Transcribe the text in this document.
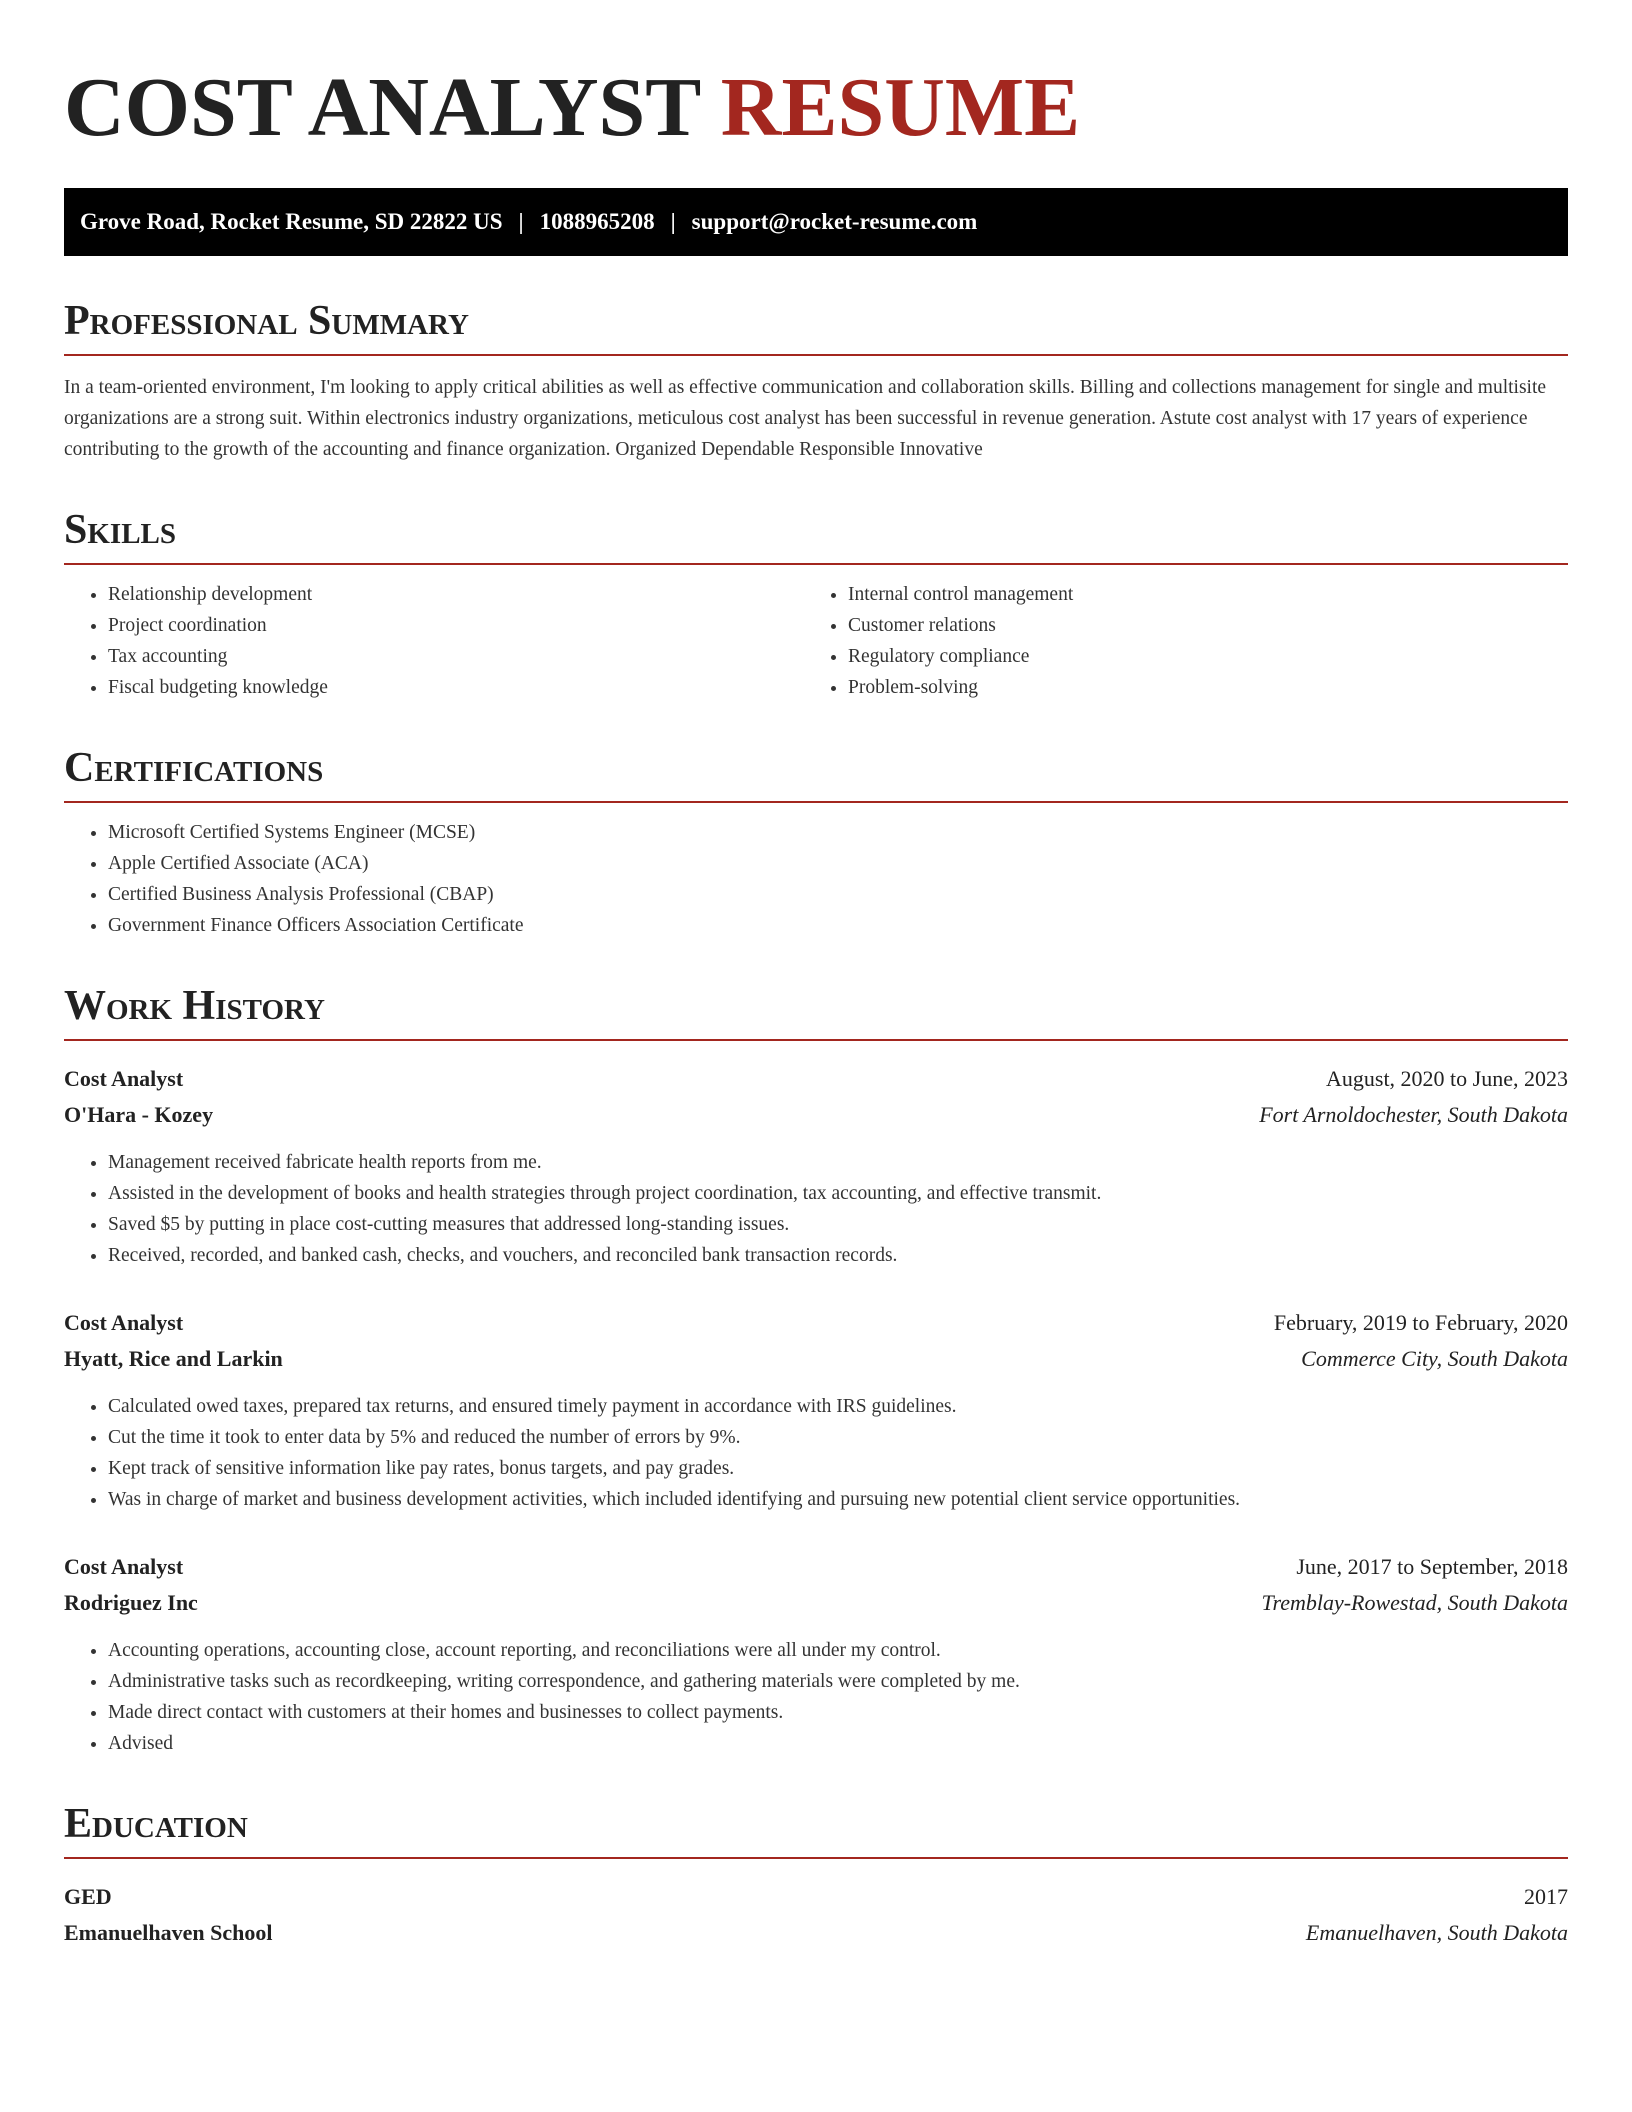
COST ANALYST RESUME
Grove Road, Rocket Resume, SD 22822 US | 1088965208 | support@rocket-resume.com
Professional Summary

In a team-oriented environment, I'm looking to apply critical abilities as well as effective communication and collaboration skills. Billing and collections management for single and multisite organizations are a strong suit. Within electronics industry organizations, meticulous cost analyst has been successful in revenue generation. Astute cost analyst with 17 years of experience contributing to the growth of the accounting and finance organization. Organized Dependable Responsible Innovative

Skills
• Relationship development
• Project coordination
• Tax accounting
• Fiscal budgeting knowledge
• Internal control management
• Customer relations
• Regulatory compliance
• Problem-solving
Certifications
• Microsoft Certified Systems Engineer (MCSE)
• Apple Certified Associate (ACA)
• Certified Business Analysis Professional (CBAP)
• Government Finance Officers Association Certificate
Work History
Cost Analyst	August, 2020 to June, 2023
O'Hara - Kozey	Fort Arnoldochester, South Dakota
• Management received fabricate health reports from me.
• Assisted in the development of books and health strategies through project coordination, tax accounting, and effective transmit.
• Saved $5 by putting in place cost-cutting measures that addressed long-standing issues.
• Received, recorded, and banked cash, checks, and vouchers, and reconciled bank transaction records.
Cost Analyst	February, 2019 to February, 2020
Hyatt, Rice and Larkin	Commerce City, South Dakota
• Calculated owed taxes, prepared tax returns, and ensured timely payment in accordance with IRS guidelines.
• Cut the time it took to enter data by 5% and reduced the number of errors by 9%.
• Kept track of sensitive information like pay rates, bonus targets, and pay grades.
• Was in charge of market and business development activities, which included identifying and pursuing new potential client service opportunities.
Cost Analyst	June, 2017 to September, 2018
Rodriguez Inc	Tremblay-Rowestad, South Dakota
• Accounting operations, accounting close, account reporting, and reconciliations were all under my control.
• Administrative tasks such as recordkeeping, writing correspondence, and gathering materials were completed by me.
• Made direct contact with customers at their homes and businesses to collect payments.
• Advised
Education
GED	2017
Emanuelhaven School	Emanuelhaven, South Dakota
